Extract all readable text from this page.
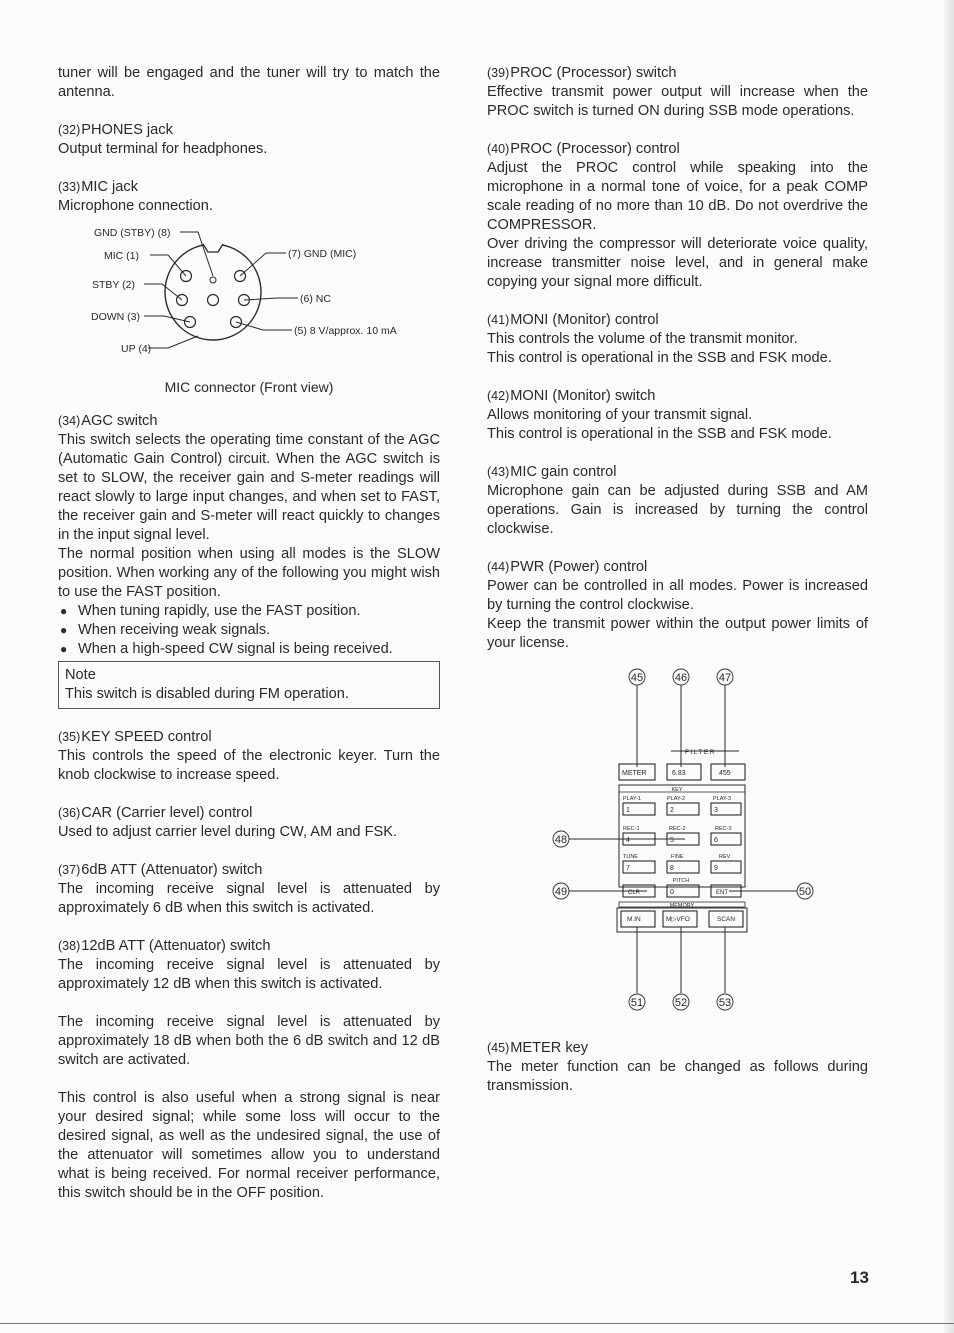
tuner will be engaged and the tuner will try to match the antenna.

(32)PHONES jack

Output terminal for headphones.

(33)MIC jack

Microphone connection.

GND (STBY) (8)
MIC (1)
STBY (2)
DOWN (3)
UP (4)
(7) GND (MIC)
(6) NC
(5) 8 V/approx. 10 mA

MIC connector (Front view)

(34)AGC switch

This switch selects the operating time constant of the AGC (Automatic Gain Control) circuit. When the AGC switch is set to SLOW, the receiver gain and S-meter readings will react slowly to large input changes, and when set to FAST, the receiver gain and S-meter will react quickly to changes in the input signal level.

The normal position when using all modes is the SLOW position. When working any of the following you might wish to use the FAST position.

● When tuning rapidly, use the FAST position.
● When receiving weak signals.
● When a high-speed CW signal is being received.

Note

This switch is disabled during FM operation.

(35)KEY SPEED control

This controls the speed of the electronic keyer. Turn the knob clockwise to increase speed.

(36)CAR (Carrier level) control

Used to adjust carrier level during CW, AM and FSK.

(37)6dB ATT (Attenuator) switch

The incoming receive signal level is attenuated by approximately 6 dB when this switch is activated.

(38)12dB ATT (Attenuator) switch

The incoming receive signal level is attenuated by approximately 12 dB when this switch is activated.

The incoming receive signal level is attenuated by approximately 18 dB when both the 6 dB switch and 12 dB switch are activated.

This control is also useful when a strong signal is near your desired signal; while some loss will occur to the desired signal, as well as the undesired signal, the use of the attenuator will sometimes allow you to understand what is being received. For normal receiver performance, this switch should be in the OFF position.

(39)PROC (Processor) switch

Effective transmit power output will increase when the PROC switch is turned ON during SSB mode operations.

(40)PROC (Processor) control

Adjust the PROC control while speaking into the microphone in a normal tone of voice, for a peak COMP scale reading of no more than 10 dB. Do not overdrive the COMPRESSOR.

Over driving the compressor will deteriorate voice quality, increase transmitter noise level, and in general make copying your signal more difficult.

(41)MONI (Monitor) control

This controls the volume of the transmit monitor.

This control is operational in the SSB and FSK mode.

(42)MONI (Monitor) switch

Allows monitoring of your transmit signal.

This control is operational in the SSB and FSK mode.

(43)MIC gain control

Microphone gain can be adjusted during SSB and AM operations. Gain is increased by turning the control clockwise.

(44)PWR (Power) control

Power can be controlled in all modes. Power is increased by turning the control clockwise.

Keep the transmit power within the output power limits of your license.

45	46	47
FILTER
METER	6.83	455
KEY
PLAY-1	PLAY-2	PLAY-3
REC-1	REC-2	REC-3
TUNE	FINE	REV
PITCH
1	2	3
4	5	6
7	8	9
CLR	0	ENT
48
49	50
MEMORY
M.IN	M▷VFO	SCAN
51	52	53
(45)METER key

The meter function can be changed as follows during transmission.

13
